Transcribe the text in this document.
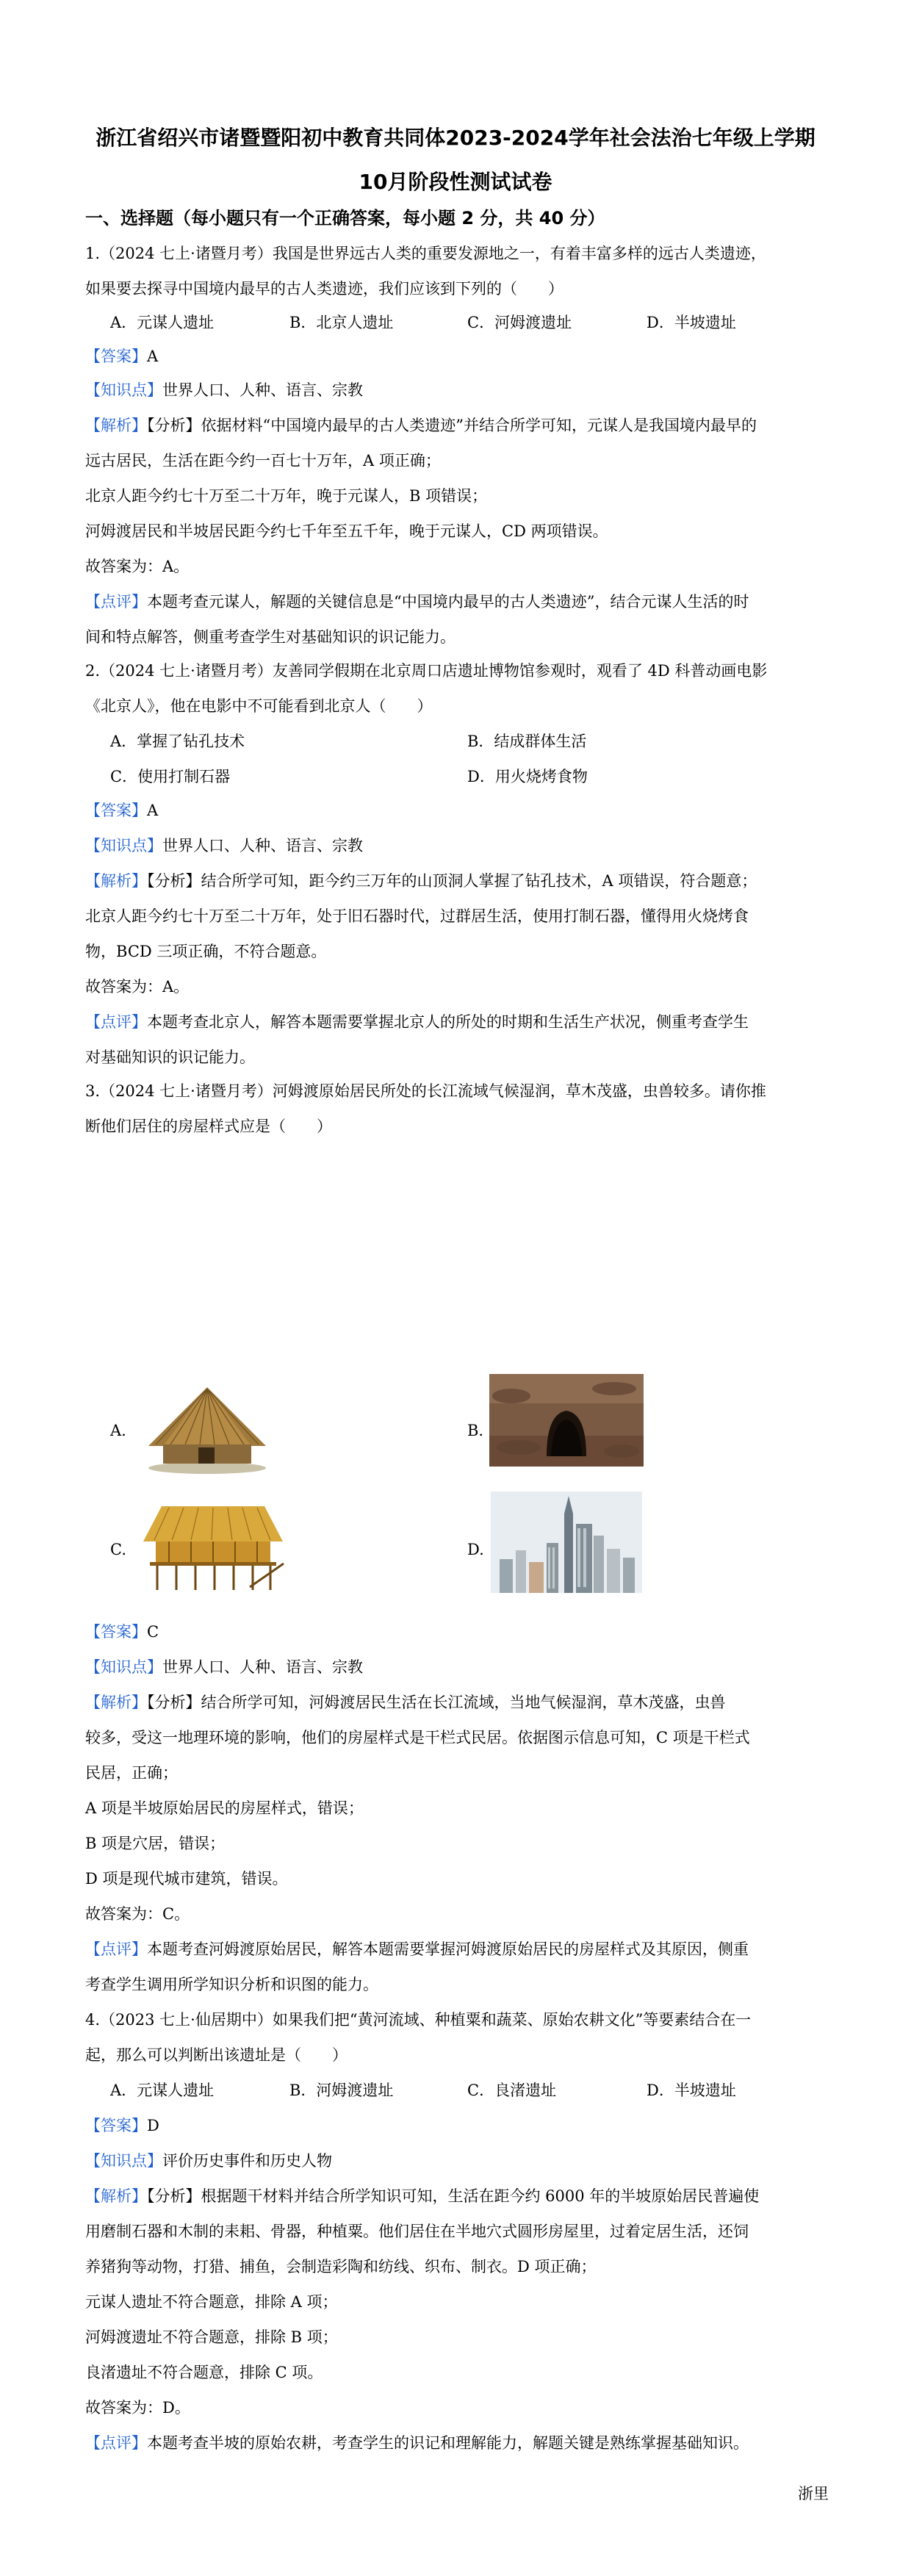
浙江省绍兴市诸暨暨阳初中教育共同体2023-2024学年社会法治七年级上学期
10月阶段性测试试卷
一、选择题（每小题只有一个正确答案，每小题 2 分，共 40 分）
1.（2024 七上·诸暨月考）我国是世界远古人类的重要发源地之一，有着丰富多样的远古人类遗迹，
如果要去探寻中国境内最早的古人类遗迹，我们应该到下列的（　　）
A．元谋人遗址	B．北京人遗址	C．河姆渡遗址	D．半坡遗址
【答案】A
【知识点】世界人口、人种、语言、宗教
【解析】【分析】依据材料“中国境内最早的古人类遗迹”并结合所学可知，元谋人是我国境内最早的
远古居民，生活在距今约一百七十万年，A 项正确；
北京人距今约七十万至二十万年，晚于元谋人，B 项错误；
河姆渡居民和半坡居民距今约七千年至五千年，晚于元谋人，CD 两项错误。
故答案为：A。
【点评】本题考查元谋人，解题的关键信息是“中国境内最早的古人类遗迹”，结合元谋人生活的时
间和特点解答，侧重考查学生对基础知识的识记能力。
2.（2024 七上·诸暨月考）友善同学假期在北京周口店遗址博物馆参观时，观看了 4D 科普动画电影
《北京人》，他在电影中不可能看到北京人（　　）
A．掌握了钻孔技术	B．结成群体生活
C．使用打制石器	D．用火烧烤食物
【答案】A
【知识点】世界人口、人种、语言、宗教
【解析】【分析】结合所学可知，距今约三万年的山顶洞人掌握了钻孔技术，A 项错误，符合题意；
北京人距今约七十万至二十万年，处于旧石器时代，过群居生活，使用打制石器，懂得用火烧烤食
物，BCD 三项正确，不符合题意。
故答案为：A。
【点评】本题考查北京人，解答本题需要掌握北京人的所处的时期和生活生产状况，侧重考查学生
对基础知识的识记能力。
3.（2024 七上·诸暨月考）河姆渡原始居民所处的长江流域气候湿润，草木茂盛，虫兽较多。请你推
断他们居住的房屋样式应是（　　）
A.	B.
C.	D.
【答案】C
【知识点】世界人口、人种、语言、宗教
【解析】【分析】结合所学可知，河姆渡居民生活在长江流域，当地气候湿润，草木茂盛，虫兽
较多，受这一地理环境的影响，他们的房屋样式是干栏式民居。依据图示信息可知，C 项是干栏式
民居，正确；
A 项是半坡原始居民的房屋样式，错误；
B 项是穴居，错误；
D 项是现代城市建筑，错误。
故答案为：C。
【点评】本题考查河姆渡原始居民，解答本题需要掌握河姆渡原始居民的房屋样式及其原因，侧重
考查学生调用所学知识分析和识图的能力。
4.（2023 七上·仙居期中）如果我们把“黄河流域、种植粟和蔬菜、原始农耕文化”等要素结合在一
起，那么可以判断出该遗址是（　　）
A．元谋人遗址	B．河姆渡遗址	C．良渚遗址	D．半坡遗址
【答案】D
【知识点】评价历史事件和历史人物
【解析】【分析】根据题干材料并结合所学知识可知，生活在距今约 6000 年的半坡原始居民普遍使
用磨制石器和木制的耒耜、骨器，种植粟。他们居住在半地穴式圆形房屋里，过着定居生活，还饲
养猪狗等动物，打猎、捕鱼，会制造彩陶和纺线、织布、制衣。D 项正确；
元谋人遗址不符合题意，排除 A 项；
河姆渡遗址不符合题意，排除 B 项；
良渚遗址不符合题意，排除 C 项。
故答案为：D。
【点评】本题考查半坡的原始农耕，考查学生的识记和理解能力，解题关键是熟练掌握基础知识。
浙里
